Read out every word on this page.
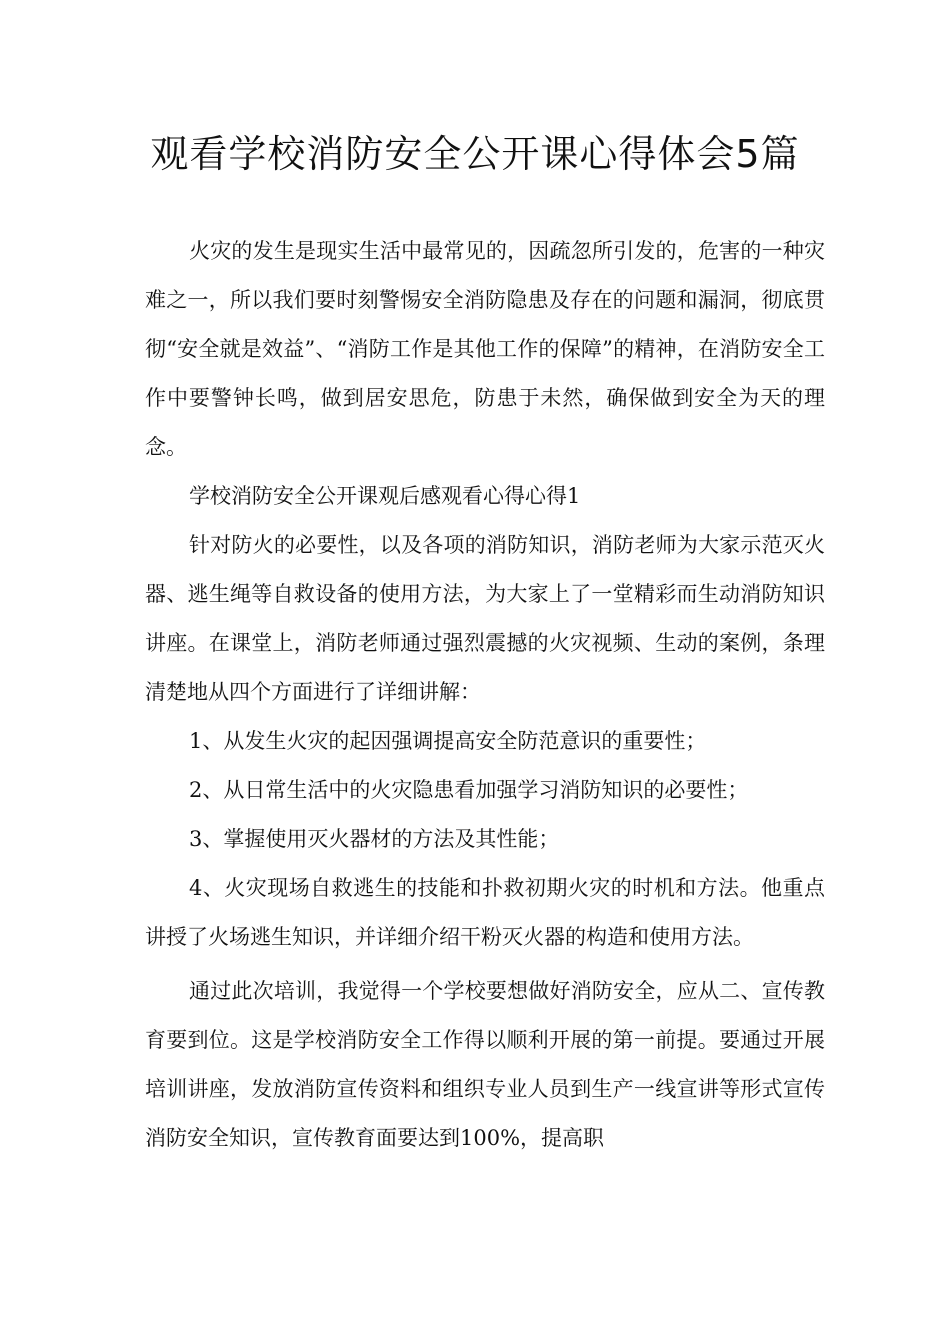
观看学校消防安全公开课心得体会5篇

火灾的发生是现实生活中最常见的，因疏忽所引发的，危害的一种灾难之一，所以我们要时刻警惕安全消防隐患及存在的问题和漏洞，彻底贯彻“安全就是效益”、“消防工作是其他工作的保障”的精神，在消防安全工作中要警钟长鸣，做到居安思危，防患于未然，确保做到安全为天的理念。

学校消防安全公开课观后感观看心得心得1

针对防火的必要性，以及各项的消防知识，消防老师为大家示范灭火器、逃生绳等自救设备的使用方法，为大家上了一堂精彩而生动消防知识讲座。在课堂上，消防老师通过强烈震撼的火灾视频、生动的案例，条理清楚地从四个方面进行了详细讲解：

1、从发生火灾的起因强调提高安全防范意识的重要性；

2、从日常生活中的火灾隐患看加强学习消防知识的必要性；

3、掌握使用灭火器材的方法及其性能；

4、火灾现场自救逃生的技能和扑救初期火灾的时机和方法。他重点讲授了火场逃生知识，并详细介绍干粉灭火器的构造和使用方法。

通过此次培训，我觉得一个学校要想做好消防安全，应从二、宣传教育要到位。这是学校消防安全工作得以顺利开展的第一前提。要通过开展培训讲座，发放消防宣传资料和组织专业人员到生产一线宣讲等形式宣传消防安全知识，宣传教育面要达到100%，提高职
